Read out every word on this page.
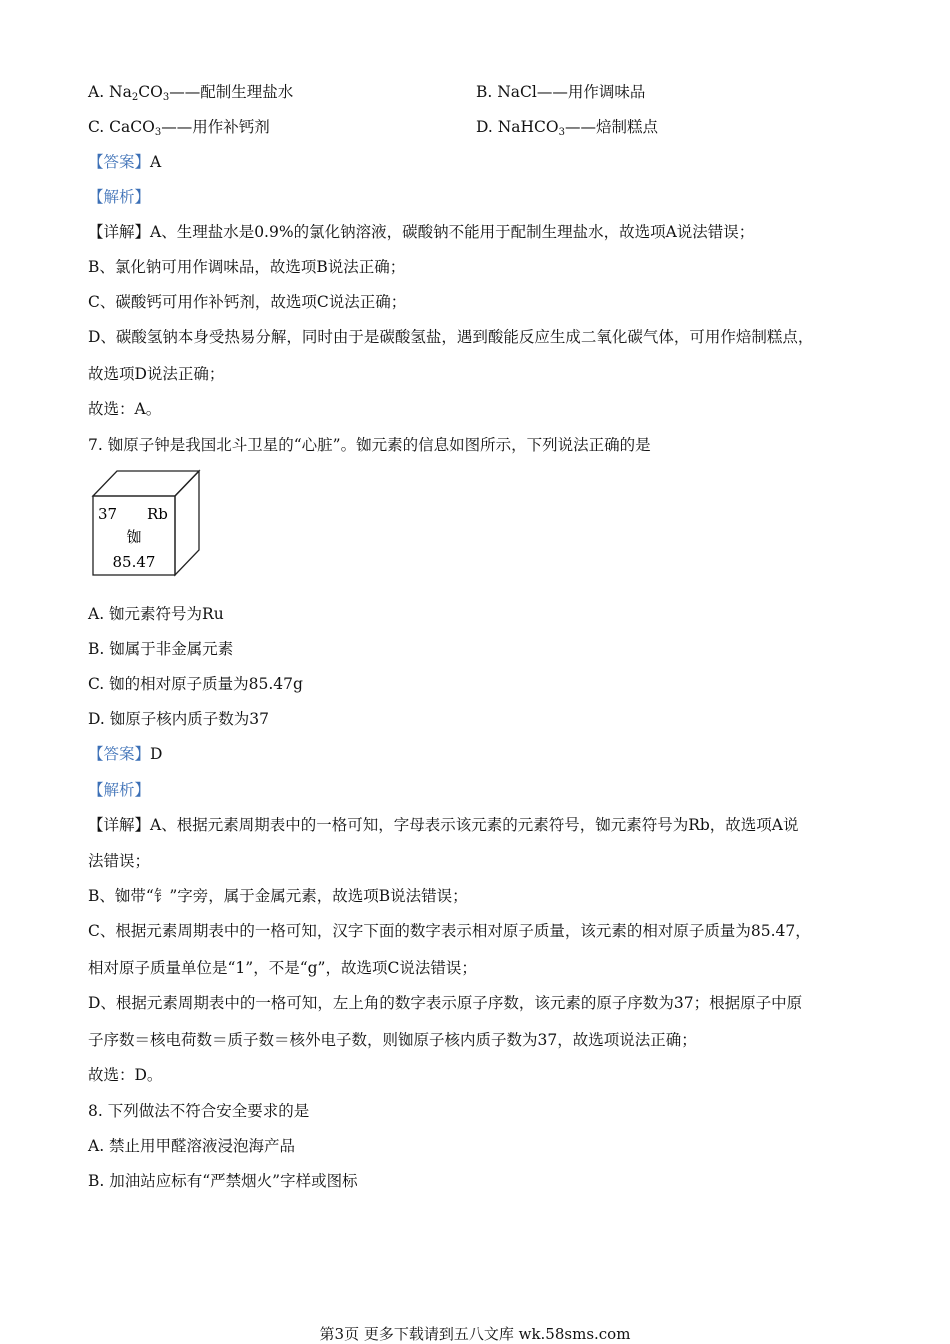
A. $Na_2CO_3——$配制生理盐水	B. NaCl——用作调味品
C. CaCO$_3$——用作补钙剂	D. NaHCO$_3$——焙制糕点
【答案】A
【解析】
【详解】A、生理盐水是0.9%的氯化钠溶液，碳酸钠不能用于配制生理盐水，故选项A说法错误；
B、氯化钠可用作调味品，故选项B说法正确；
C、碳酸钙可用作补钙剂，故选项C说法正确；
D、碳酸氢钠本身受热易分解，同时由于是碳酸氢盐，遇到酸能反应生成二氧化碳气体，可用作焙制糕点，
故选项D说法正确；
故选：A。
7. 铷原子钟是我国北斗卫星的“心脏”。铷元素的信息如图所示，下列说法正确的是
37 Rb
铷
85.47
A. 铷元素符号为Ru
B. 铷属于非金属元素
C. 铷的相对原子质量为85.47g
D. 铷原子核内质子数为37
【答案】D
【解析】
【详解】A、根据元素周期表中的一格可知，字母表示该元素的元素符号，铷元素符号为Rb，故选项A说
法错误；
B、铷带“钅”字旁，属于金属元素，故选项B说法错误；
C、根据元素周期表中的一格可知，汉字下面的数字表示相对原子质量，该元素的相对原子质量为85.47，
相对原子质量单位是“1”，不是“g”，故选项C说法错误；
D、根据元素周期表中的一格可知，左上角的数字表示原子序数，该元素的原子序数为37；根据原子中原
子序数＝核电荷数＝质子数＝核外电子数，则铷原子核内质子数为37，故选项说法正确；
故选：D。
8. 下列做法不符合安全要求的是
A. 禁止用甲醛溶液浸泡海产品
B. 加油站应标有“严禁烟火”字样或图标
第3页 更多下载请到五八文库 wk.58sms.com
